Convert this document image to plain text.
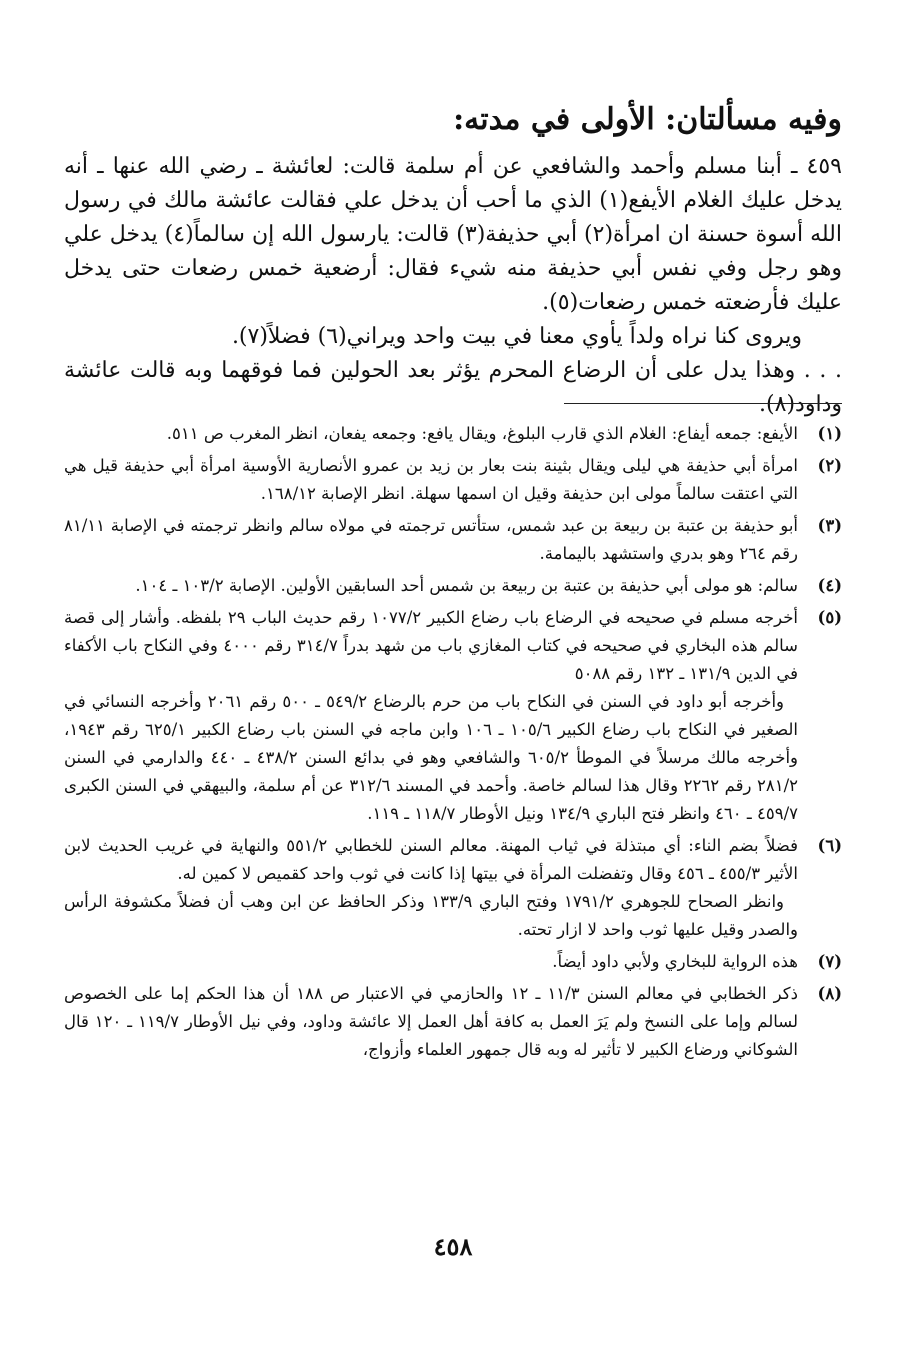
وفيه مسألتان: الأولى في مدته:

٤٥٩ ـ أبنا مسلم وأحمد والشافعي عن أم سلمة قالت: لعائشة ـ رضي الله عنها ـ أنه يدخل عليك الغلام الأيفع(١) الذي ما أحب أن يدخل علي فقالت عائشة مالك في رسول الله أسوة حسنة ان امرأة(٢) أبي حذيفة(٣) قالت: يارسول الله إن سالماً(٤) يدخل علي وهو رجل وفي نفس أبي حذيفة منه شيء فقال: أرضعية خمس رضعات حتى يدخل عليك فأرضعته خمس رضعات(٥).

ويروى كنا نراه ولداً يأوي معنا في بيت واحد ويراني(٦) فضلاً(٧).

. . . وهذا يدل على أن الرضاع المحرم يؤثر بعد الحولين فما فوقهما وبه قالت عائشة وداود(٨).

(١)

الأيفع: جمعه أيفاع: الغلام الذي قارب البلوغ، ويقال يافع: وجمعه يفعان، انظر المغرب ص ٥١١.

(٢)

امرأة أبي حذيفة هي ليلى ويقال بثينة بنت بعار بن زيد بن عمرو الأنصارية الأوسية امرأة أبي حذيفة قيل هي التي اعتقت سالماً مولى ابن حذيفة وقيل ان اسمها سهلة. انظر الإصابة ١٦٨/١٢.

(٣)

أبو حذيفة بن عتبة بن ربيعة بن عبد شمس، ستأتس ترجمته في مولاه سالم وانظر ترجمته في الإصابة ٨١/١١ رقم ٢٦٤ وهو بدري واستشهد باليمامة.

(٤)

سالم: هو مولى أبي حذيفة بن عتبة بن ربيعة بن شمس أحد السابقين الأولين. الإصابة ١٠٣/٢ ـ ١٠٤.

(٥)

أخرجه مسلم في صحيحه في الرضاع باب رضاع الكبير ١٠٧٧/٢ رقم حديث الباب ٢٩ بلفظه. وأشار إلى قصة سالم هذه البخاري في صحيحه في كتاب المغازي باب من شهد بدراً ٣١٤/٧ رقم ٤٠٠٠ وفي النكاح باب الأكفاء في الدين ١٣١/٩ ـ ١٣٢ رقم ٥٠٨٨

وأخرجه أبو داود في السنن في النكاح باب من حرم بالرضاع ٥٤٩/٢ ـ ٥٠٠ رقم ٢٠٦١ وأخرجه النسائي في الصغير في النكاح باب رضاع الكبير ١٠٥/٦ ـ ١٠٦ وابن ماجه في السنن باب رضاع الكبير ٦٢٥/١ رقم ١٩٤٣، وأخرجه مالك مرسلاً في الموطأ ٦٠٥/٢ والشافعي وهو في بدائع السنن ٤٣٨/٢ ـ ٤٤٠ والدارمي في السنن ٢٨١/٢ رقم ٢٢٦٢ وقال هذا لسالم خاصة. وأحمد في المسند ٣١٢/٦ عن أم سلمة، والبيهقي في السنن الكبرى ٤٥٩/٧ ـ ٤٦٠ وانظر فتح الباري ١٣٤/٩ ونيل الأوطار ١١٨/٧ ـ ١١٩.

(٦)

فضلاً بضم الناء: أي مبتذلة في ثياب المهنة. معالم السنن للخطابي ٥٥١/٢ والنهاية في غريب الحديث لابن الأثير ٤٥٥/٣ ـ ٤٥٦ وقال وتفضلت المرأة في بيتها إذا كانت في ثوب واحد كقميص لا كمين له.

وانظر الصحاح للجوهري ١٧٩١/٢ وفتح الباري ١٣٣/٩ وذكر الحافظ عن ابن وهب أن فضلاً مكشوفة الرأس والصدر وقيل عليها ثوب واحد لا ازار تحته.

(٧)

هذه الرواية للبخاري ولأبي داود أيضاً.

(٨)

ذكر الخطابي في معالم السنن ١١/٣ ـ ١٢ والحازمي في الاعتبار ص ١٨٨ أن هذا الحكم إما على الخصوص لسالم وإما على النسخ ولم يَرَ العمل به كافة أهل العمل إلا عائشة وداود، وفي نيل الأوطار ١١٩/٧ ـ ١٢٠ قال الشوكاني ورضاع الكبير لا تأثير له وبه قال جمهور العلماء وأزواج،

٤٥٨
